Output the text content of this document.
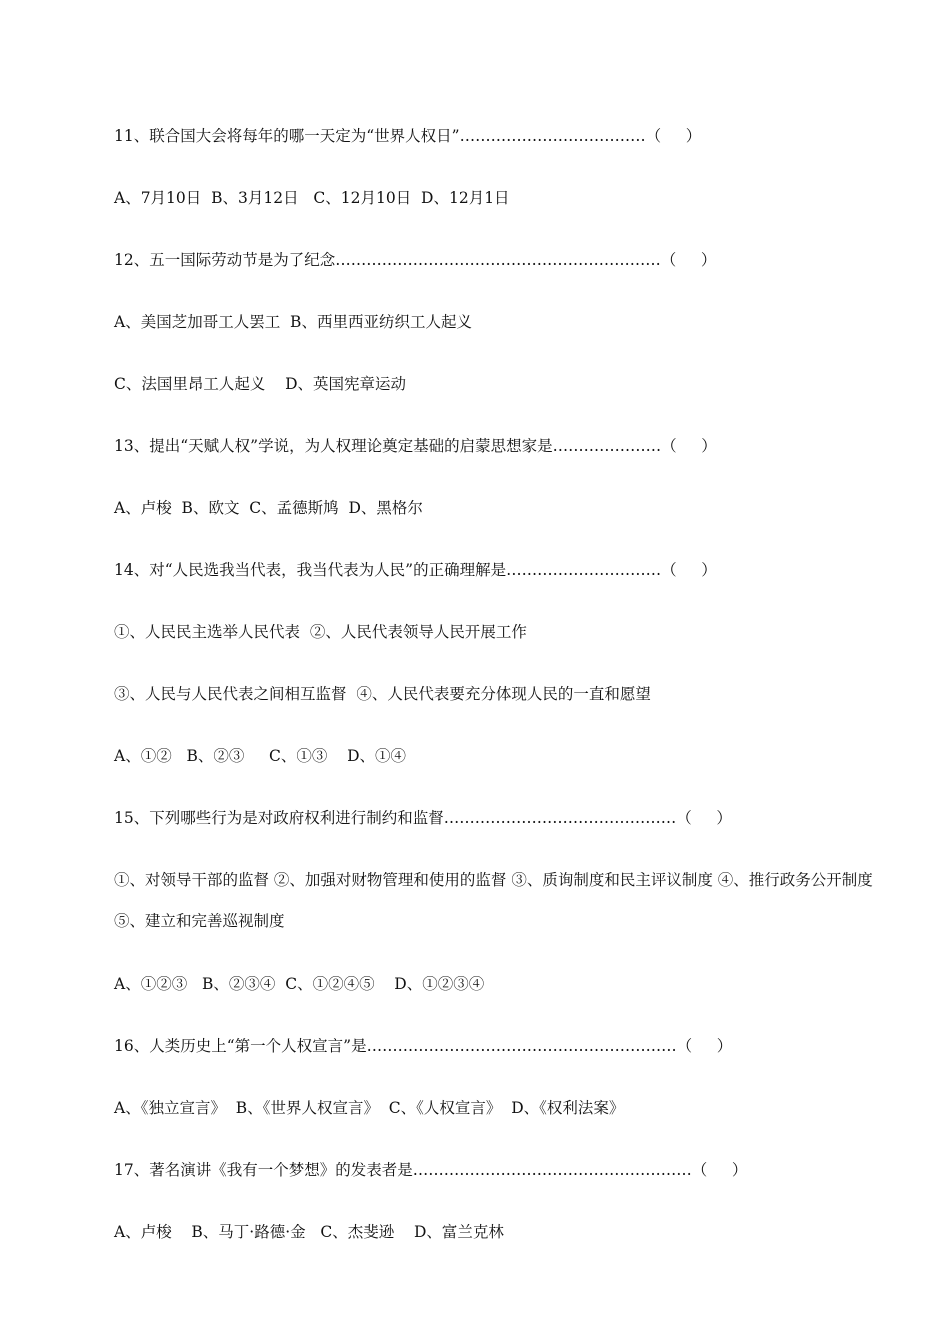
11、联合国大会将每年的哪一天定为“世界人权日”………………………………（     ）
A、7月10日  B、3月12日   C、12月10日  D、12月1日
12、五一国际劳动节是为了纪念………………………………………………………（     ）
A、美国芝加哥工人罢工  B、西里西亚纺织工人起义
C、法国里昂工人起义    D、英国宪章运动
13、提出“天赋人权”学说，为人权理论奠定基础的启蒙思想家是…………………（     ）
A、卢梭  B、欧文  C、孟德斯鸠  D、黑格尔
14、对“人民选我当代表，我当代表为人民”的正确理解是…………………………（     ）
①、人民民主选举人民代表  ②、人民代表领导人民开展工作
③、人民与人民代表之间相互监督  ④、人民代表要充分体现人民的一直和愿望
A、①②   B、②③     C、①③    D、①④
15、下列哪些行为是对政府权利进行制约和监督………………………………………（     ）
①、对领导干部的监督 ②、加强对财物管理和使用的监督 ③、质询制度和民主评议制度 ④、推行政务公开制度 ⑤、建立和完善巡视制度
A、①②③   B、②③④  C、①②④⑤    D、①②③④
16、人类历史上“第一个人权宣言”是……………………………………………………（     ）
A、《独立宣言》  B、《世界人权宣言》  C、《人权宣言》  D、《权利法案》
17、著名演讲《我有一个梦想》的发表者是………………………………………………（     ）
A、卢梭    B、马丁·路德·金   C、杰斐逊    D、富兰克林
